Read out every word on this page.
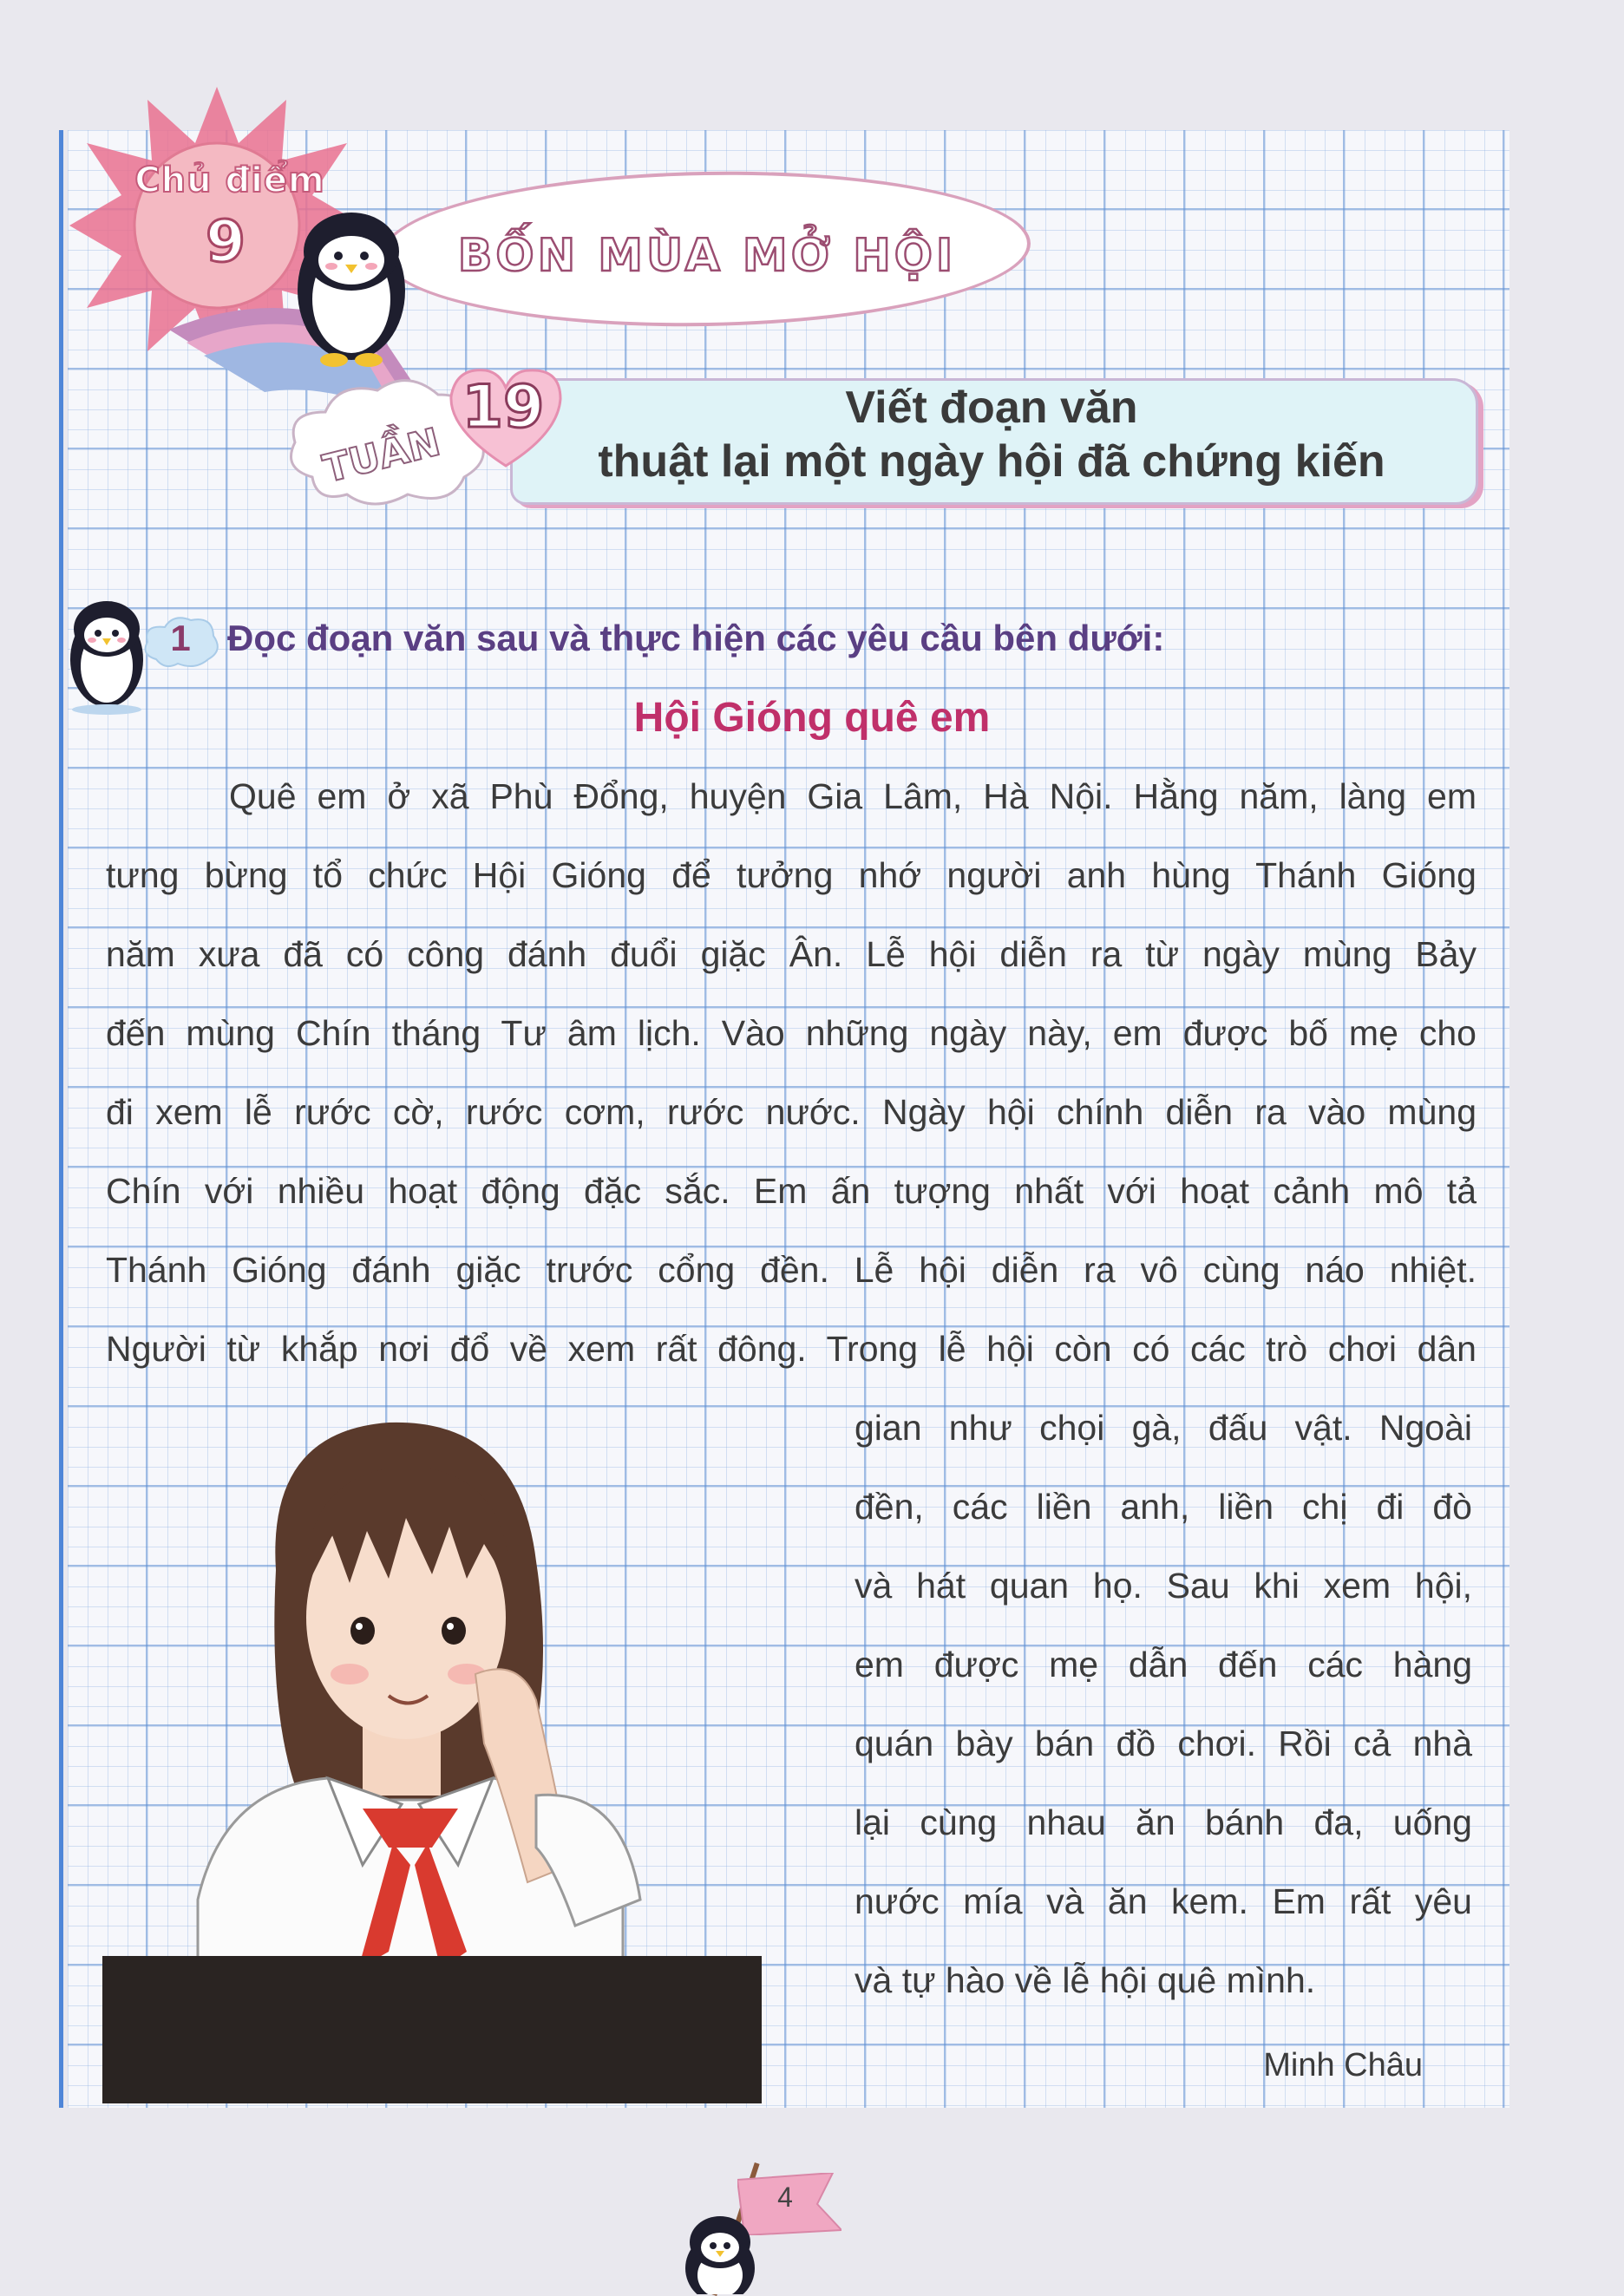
Chủ điểm
9	BỐN MÙA MỞ HỘI
TUẦN
Viết đoạn văn
thuật lại một ngày hội đã chứng kiến
19
1	Đọc đoạn văn sau và thực hiện các yêu cầu bên dưới:
Hội Gióng quê em
Quê em ở xã Phù Đổng, huyện Gia Lâm, Hà Nội. Hằng năm, làng em
tưng bừng tổ chức Hội Gióng để tưởng nhớ người anh hùng Thánh Gióng
năm xưa đã có công đánh đuổi giặc Ân. Lễ hội diễn ra từ ngày mùng Bảy
đến mùng Chín tháng Tư âm lịch. Vào những ngày này, em được bố mẹ cho
đi xem lễ rước cờ, rước cơm, rước nước. Ngày hội chính diễn ra vào mùng
Chín với nhiều hoạt động đặc sắc. Em ấn tượng nhất với hoạt cảnh mô tả
Thánh Gióng đánh giặc trước cổng đền. Lễ hội diễn ra vô cùng náo nhiệt.
Người từ khắp nơi đổ về xem rất đông. Trong lễ hội còn có các trò chơi dân
gian như chọi gà, đấu vật. Ngoài
đền, các liền anh, liền chị đi đò
và hát quan họ. Sau khi xem hội,
em được mẹ dẫn đến các hàng
quán bày bán đồ chơi. Rồi cả nhà
lại cùng nhau ăn bánh đa, uống
nước mía và ăn kem. Em rất yêu
và tự hào về lễ hội quê mình.
Minh Châu
4
